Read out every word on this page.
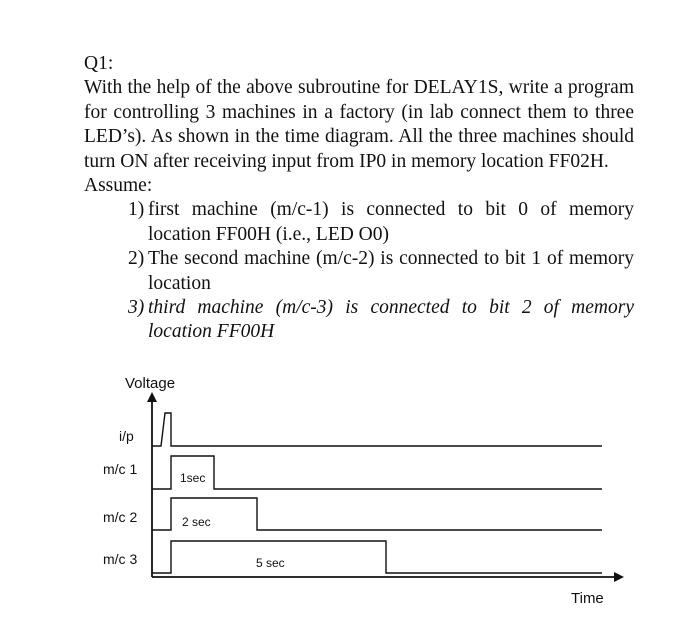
Q1:

With the help of the above subroutine for DELAY1S, write a program for controlling 3 machines in a factory (in lab connect them to three LED’s). As shown in the time diagram. All the three machines should turn ON after receiving input from IP0 in memory location FF02H.

Assume:

1) first machine (m/c-1) is connected to bit 0 of memory location FF00H (i.e., LED O0)
2) The second machine (m/c-2) is connected to bit 1 of memory location
3) third machine (m/c-3) is connected to bit 2 of memory location FF00H
Voltage
Time
i/p
m/c 1
m/c 2
m/c 3
1sec
2 sec
5 sec
